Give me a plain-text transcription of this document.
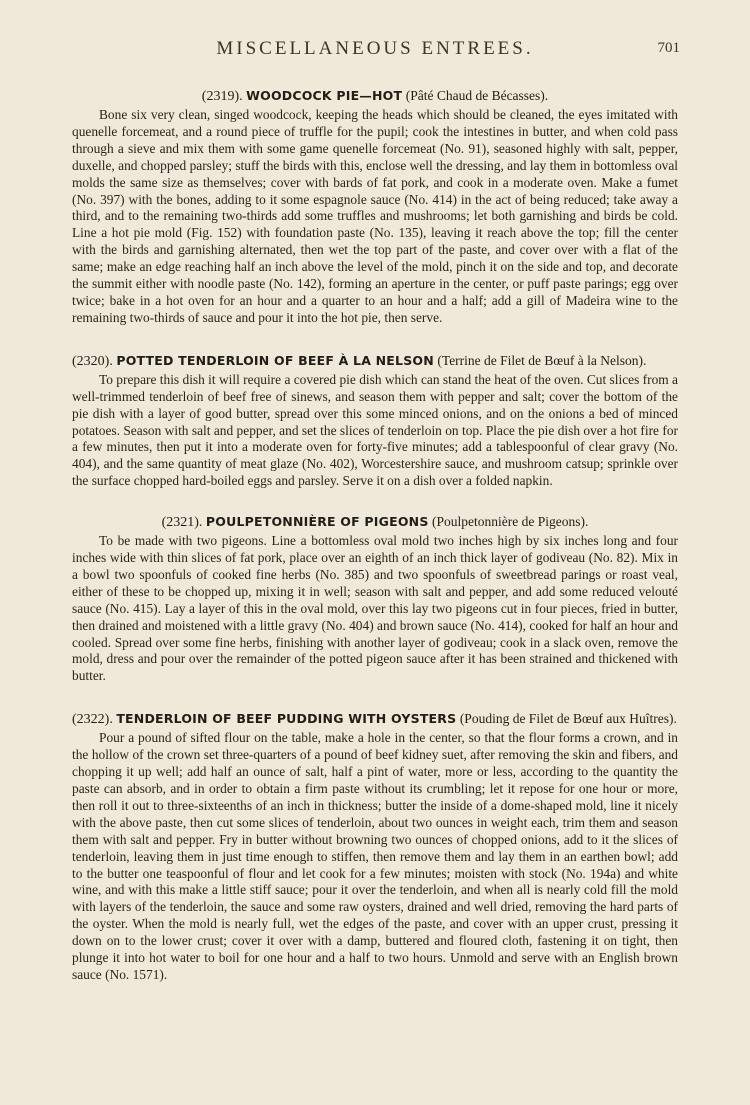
MISCELLANEOUS ENTREES.	701
(2319). WOODCOCK PIE—HOT (Pâté Chaud de Bécasses).

Bone six very clean, singed woodcock, keeping the heads which should be cleaned, the eyes imitated with quenelle forcemeat, and a round piece of truffle for the pupil; cook the intestines in butter, and when cold pass through a sieve and mix them with some game quenelle forcemeat (No. 91), seasoned highly with salt, pepper, duxelle, and chopped parsley; stuff the birds with this, enclose well the dressing, and lay them in bottomless oval molds the same size as themselves; cover with bards of fat pork, and cook in a moderate oven. Make a fumet (No. 397) with the bones, adding to it some espagnole sauce (No. 414) in the act of being reduced; take away a third, and to the remaining two-thirds add some truffles and mushrooms; let both garnishing and birds be cold. Line a hot pie mold (Fig. 152) with foundation paste (No. 135), leaving it reach above the top; fill the center with the birds and garnishing alternated, then wet the top part of the paste, and cover over with a flat of the same; make an edge reaching half an inch above the level of the mold, pinch it on the side and top, and decorate the summit either with noodle paste (No. 142), forming an aperture in the center, or puff paste parings; egg over twice; bake in a hot oven for an hour and a quarter to an hour and a half; add a gill of Madeira wine to the remaining two-thirds of sauce and pour it into the hot pie, then serve.

(2320). POTTED TENDERLOIN OF BEEF À LA NELSON (Terrine de Filet de Bœuf à la Nelson).

To prepare this dish it will require a covered pie dish which can stand the heat of the oven. Cut slices from a well-trimmed tenderloin of beef free of sinews, and season them with pepper and salt; cover the bottom of the pie dish with a layer of good butter, spread over this some minced onions, and on the onions a bed of minced potatoes. Season with salt and pepper, and set the slices of tenderloin on top. Place the pie dish over a hot fire for a few minutes, then put it into a moderate oven for forty-five minutes; add a tablespoonful of clear gravy (No. 404), and the same quantity of meat glaze (No. 402), Worcestershire sauce, and mushroom catsup; sprinkle over the surface chopped hard-boiled eggs and parsley. Serve it on a dish over a folded napkin.

(2321). POULPETONNIÈRE OF PIGEONS (Poulpetonnière de Pigeons).

To be made with two pigeons. Line a bottomless oval mold two inches high by six inches long and four inches wide with thin slices of fat pork, place over an eighth of an inch thick layer of godiveau (No. 82). Mix in a bowl two spoonfuls of cooked fine herbs (No. 385) and two spoonfuls of sweetbread parings or roast veal, either of these to be chopped up, mixing it in well; season with salt and pepper, and add some reduced velouté sauce (No. 415). Lay a layer of this in the oval mold, over this lay two pigeons cut in four pieces, fried in butter, then drained and moistened with a little gravy (No. 404) and brown sauce (No. 414), cooked for half an hour and cooled. Spread over some fine herbs, finishing with another layer of godiveau; cook in a slack oven, remove the mold, dress and pour over the remainder of the potted pigeon sauce after it has been strained and thickened with butter.

(2322). TENDERLOIN OF BEEF PUDDING WITH OYSTERS (Pouding de Filet de Bœuf aux Huîtres).

Pour a pound of sifted flour on the table, make a hole in the center, so that the flour forms a crown, and in the hollow of the crown set three-quarters of a pound of beef kidney suet, after removing the skin and fibers, and chopping it up well; add half an ounce of salt, half a pint of water, more or less, according to the quantity the paste can absorb, and in order to obtain a firm paste without its crumbling; let it repose for one hour or more, then roll it out to three-sixteenths of an inch in thickness; butter the inside of a dome-shaped mold, line it nicely with the above paste, then cut some slices of tenderloin, about two ounces in weight each, trim them and season them with salt and pepper. Fry in butter without browning two ounces of chopped onions, add to it the slices of tenderloin, leaving them in just time enough to stiffen, then remove them and lay them in an earthen bowl; add to the butter one teaspoonful of flour and let cook for a few minutes; moisten with stock (No. 194a) and white wine, and with this make a little stiff sauce; pour it over the tenderloin, and when all is nearly cold fill the mold with layers of the tenderloin, the sauce and some raw oysters, drained and well dried, removing the hard parts of the oyster. When the mold is nearly full, wet the edges of the paste, and cover with an upper crust, pressing it down on to the lower crust; cover it over with a damp, buttered and floured cloth, fastening it on tight, then plunge it into hot water to boil for one hour and a half to two hours. Unmold and serve with an English brown sauce (No. 1571).
